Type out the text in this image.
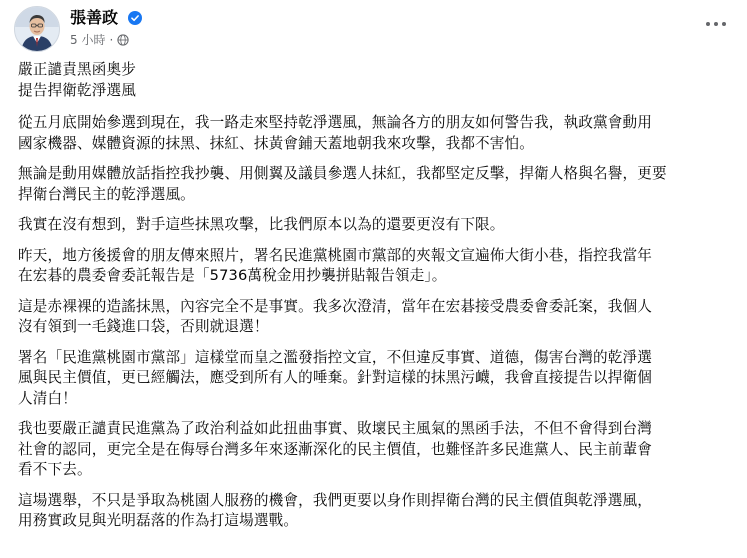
張善政
5 小時 ·

嚴正譴責黑函奧步
提告捍衛乾淨選風

從五月底開始參選到現在，我一路走來堅持乾淨選風，無論各方的朋友如何警告我，執政黨會動用
國家機器、媒體資源的抹黑、抹紅、抹黃會鋪天蓋地朝我來攻擊，我都不害怕。

無論是動用媒體放話指控我抄襲、用側翼及議員參選人抹紅，我都堅定反擊，捍衛人格與名譽，更要
捍衛台灣民主的乾淨選風。

我實在沒有想到，對手這些抹黑攻擊，比我們原本以為的還要更沒有下限。

昨天，地方後援會的朋友傳來照片，署名民進黨桃園市黨部的夾報文宣遍佈大街小巷，指控我當年
在宏碁的農委會委託報告是「5736萬稅金用抄襲拼貼報告領走」。

這是赤裸裸的造謠抹黑，內容完全不是事實。我多次澄清，當年在宏碁接受農委會委託案，我個人
沒有領到一毛錢進口袋，否則就退選！

署名「民進黨桃園市黨部」這樣堂而皇之濫發指控文宣，不但違反事實、道德，傷害台灣的乾淨選
風與民主價值，更已經觸法，應受到所有人的唾棄。針對這樣的抹黑污衊，我會直接提告以捍衛個
人清白！

我也要嚴正譴責民進黨為了政治利益如此扭曲事實、敗壞民主風氣的黑函手法，不但不會得到台灣
社會的認同，更完全是在侮辱台灣多年來逐漸深化的民主價值，也難怪許多民進黨人、民主前輩會
看不下去。

這場選舉，不只是爭取為桃園人服務的機會，我們更要以身作則捍衛台灣的民主價值與乾淨選風，
用務實政見與光明磊落的作為打這場選戰。
